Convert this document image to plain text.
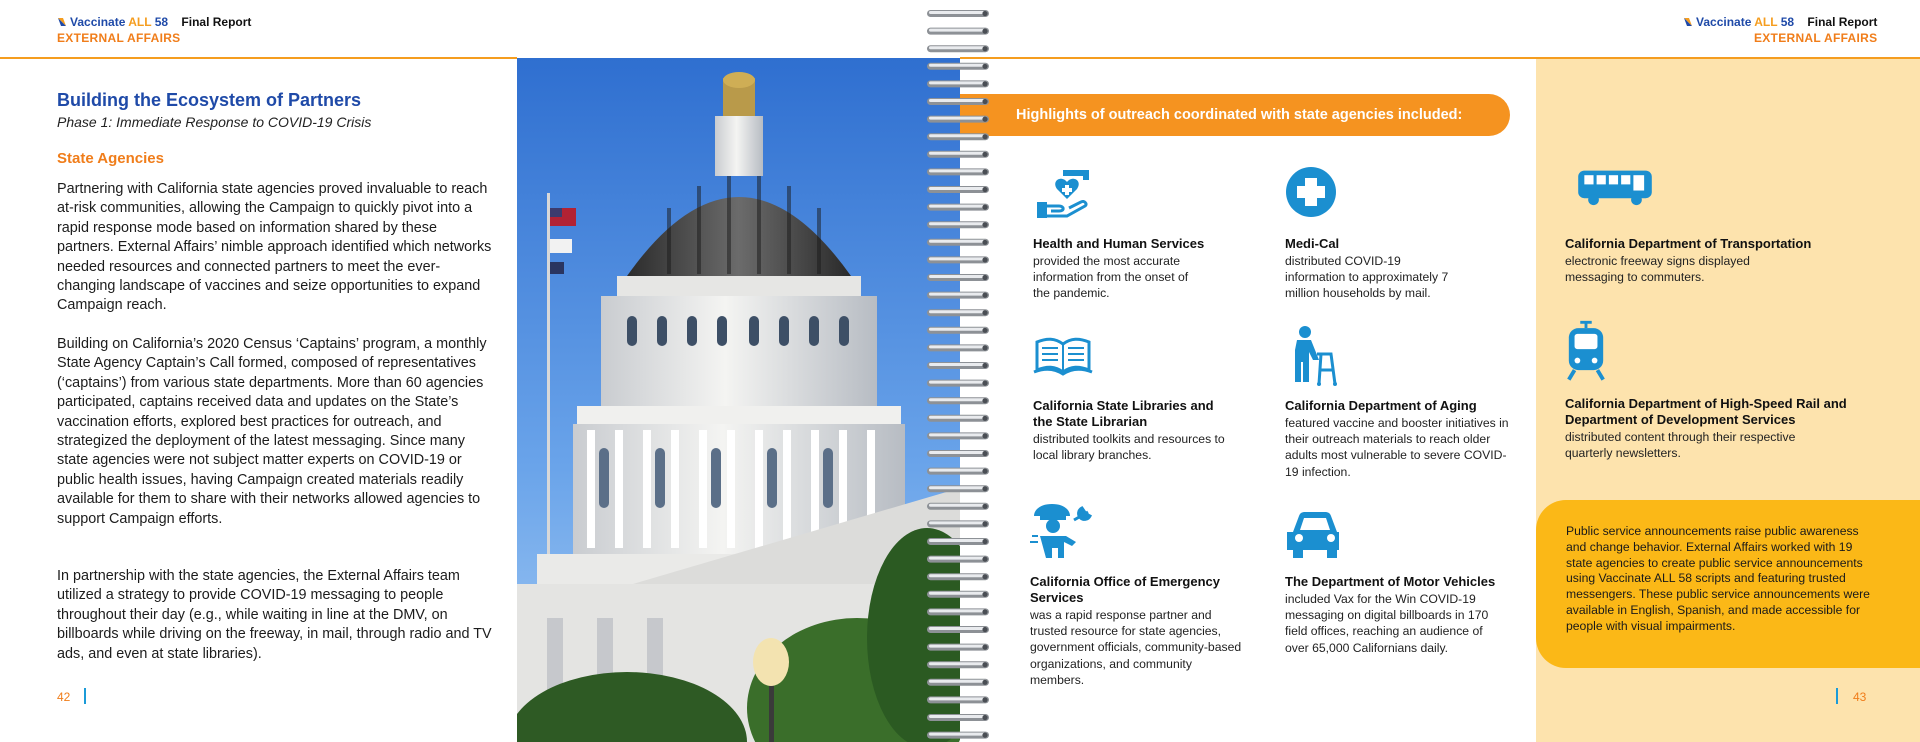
Vaccinate ALL 58 Final Report
EXTERNAL AFFAIRS
Building the Ecosystem of Partners
Phase 1: Immediate Response to COVID-19 Crisis
State Agencies

Partnering with California state agencies proved invaluable to reach at-risk communities, allowing the Campaign to quickly pivot into a rapid response mode based on information shared by these partners. External Affairs’ nimble approach identified which networks needed resources and connected partners to meet the ever-changing landscape of vaccines and seize opportunities to expand Campaign reach.

Building on California’s 2020 Census ‘Captains’ program, a monthly State Agency Captain’s Call formed, composed of representatives (‘captains’) from various state departments. More than 60 agencies participated, captains received data and updates on the State’s vaccination efforts, explored best practices for outreach, and strategized the deployment of the latest messaging. Since many state agencies were not subject matter experts on COVID-19 or public health issues, having Campaign created materials readily available for them to share with their networks allowed agencies to support Campaign efforts.

In partnership with the state agencies, the External Affairs team utilized a strategy to provide COVID-19 messaging to people throughout their day (e.g., while waiting in line at the DMV, on billboards while driving on the freeway, in mail, through radio and TV ads, and even at state libraries).

42
Vaccinate ALL 58 Final Report
EXTERNAL AFFAIRS
Highlights of outreach coordinated with state agencies included:
Health and Human Services

provided the most accurate information from the onset of the pandemic.

Medi-Cal

distributed COVID-19 information to approximately 7 million households by mail.

California Department of Transportation

electronic freeway signs displayed messaging to commuters.

California State Libraries and the State Librarian

distributed toolkits and resources to local library branches.

California Department of Aging

featured vaccine and booster initiatives in their outreach materials to reach older adults most vulnerable to severe COVID-19 infection.

California Department of High-Speed Rail and Department of Development Services

distributed content through their respective quarterly newsletters.

California Office of Emergency Services

was a rapid response partner and trusted resource for state agencies, government officials, community-based organizations, and community members.

The Department of Motor Vehicles

included Vax for the Win COVID-19 messaging on digital billboards in 170 field offices, reaching an audience of over 65,000 Californians daily.

Public service announcements raise public awareness and change behavior. External Affairs worked with 19 state agencies to create public service announcements using Vaccinate ALL 58 scripts and featuring trusted messengers. These public service announcements were available in English, Spanish, and made accessible for people with visual impairments.

43
